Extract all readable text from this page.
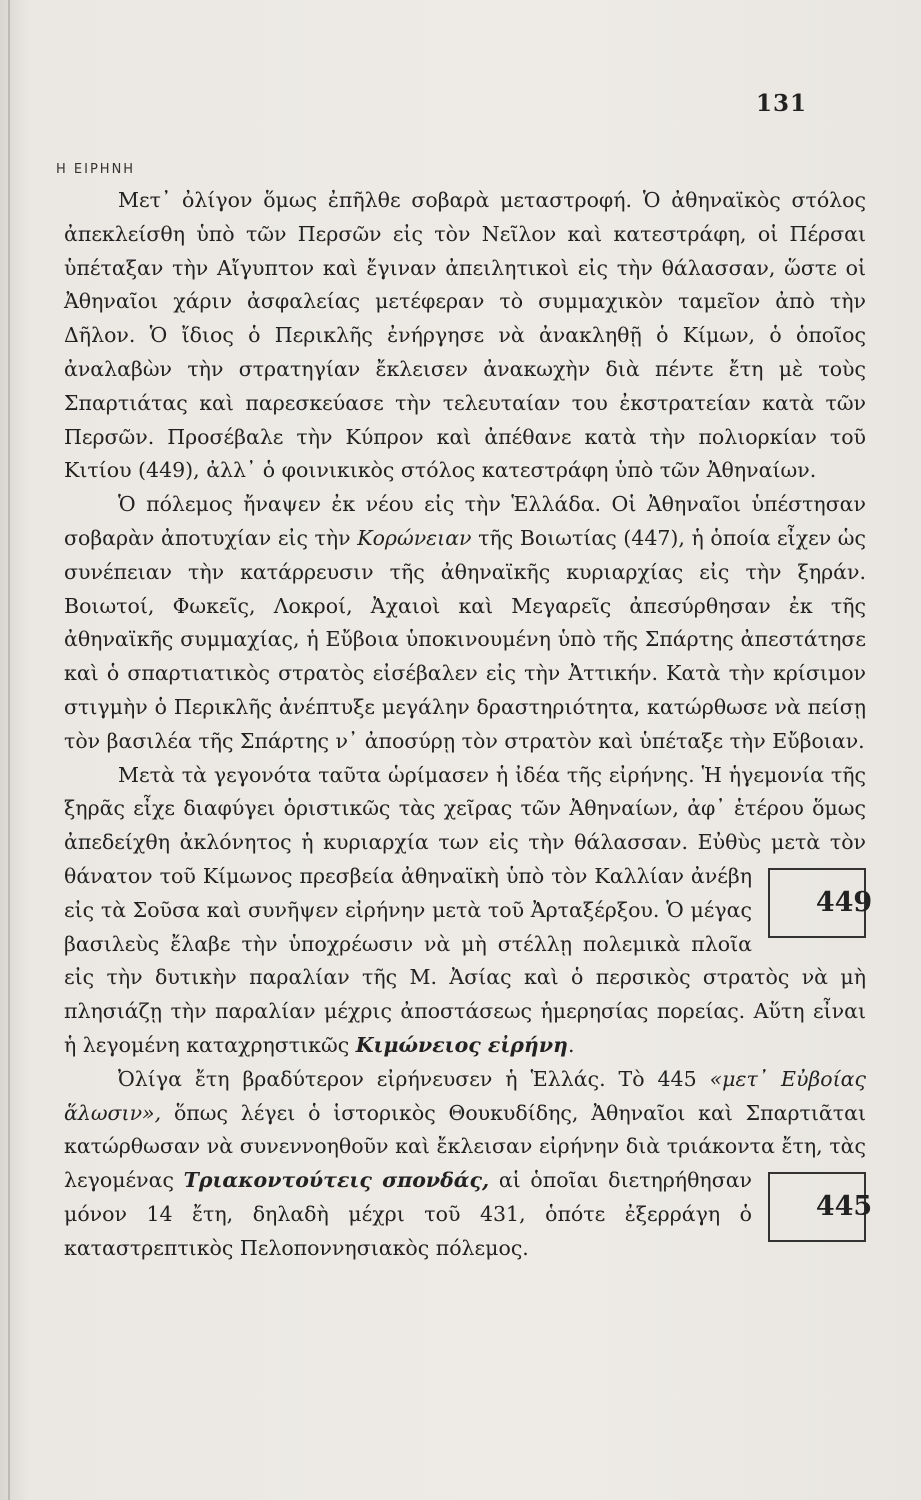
131
Η ΕΙΡΗΝΗ

Μετ᾽ ὀλίγον ὅμως ἐπῆλθε σοβαρὰ μεταστροφή. Ὁ ἀθηναϊκὸς στόλος ἀπεκλείσθη ὑπὸ τῶν Περσῶν εἰς τὸν Νεῖλον καὶ κατεστράφη, οἱ Πέρσαι ὑπέταξαν τὴν Αἴγυπτον καὶ ἔγιναν ἀπειλητικοὶ εἰς τὴν θάλασσαν, ὥστε οἱ Ἀθηναῖοι χάριν ἀσφαλείας μετέφεραν τὸ συμμαχικὸν ταμεῖον ἀπὸ τὴν Δῆλον. Ὁ ἴδιος ὁ Περικλῆς ἐνήργησε νὰ ἀνακληθῇ ὁ Κίμων, ὁ ὁποῖος ἀναλαβὼν τὴν στρατηγίαν ἔκλεισεν ἀνακωχὴν διὰ πέντε ἔτη μὲ τοὺς Σπαρτιάτας καὶ παρεσκεύασε τὴν τελευταίαν του ἐκστρατείαν κατὰ τῶν Περσῶν. Προσέβαλε τὴν Κύπρον καὶ ἀπέθανε κατὰ τὴν πολιορκίαν τοῦ Κιτίου (449), ἀλλ᾽ ὁ φοινικικὸς στόλος κατεστράφη ὑπὸ τῶν Ἀθηναίων.

Ὁ πόλεμος ἤναψεν ἐκ νέου εἰς τὴν Ἑλλάδα. Οἱ Ἀθηναῖοι ὑπέστησαν σοβαρὰν ἀποτυχίαν εἰς τὴν Κορώνειαν τῆς Βοιωτίας (447), ἡ ὁποία εἶχεν ὡς συνέπειαν τὴν κατάρρευσιν τῆς ἀθηναϊκῆς κυριαρχίας εἰς τὴν ξηράν. Βοιωτοί, Φωκεῖς, Λοκροί, Ἀχαιοὶ καὶ Μεγαρεῖς ἀπεσύρθησαν ἐκ τῆς ἀθηναϊκῆς συμμαχίας, ἡ Εὔβοια ὑποκινουμένη ὑπὸ τῆς Σπάρτης ἀπεστάτησε καὶ ὁ σπαρτιατικὸς στρατὸς εἰσέβαλεν εἰς τὴν Ἀττικήν. Κατὰ τὴν κρίσιμον στιγμὴν ὁ Περικλῆς ἀνέπτυξε μεγάλην δραστηριότητα, κατώρθωσε νὰ πείσῃ τὸν βασιλέα τῆς Σπάρτης ν᾽ ἀποσύρῃ τὸν στρατὸν καὶ ὑπέταξε τὴν Εὔβοιαν.

Μετὰ τὰ γεγονότα ταῦτα ὡρίμασεν ἡ ἰδέα τῆς εἰρήνης. Ἡ ἡγεμονία τῆς ξηρᾶς εἶχε διαφύγει ὁριστικῶς τὰς χεῖρας τῶν Ἀθηναίων, ἀφ᾽ ἑτέρου ὅμως ἀπεδείχθη ἀκλόνητος ἡ κυριαρχία των εἰς τὴν θάλασσαν. Εὐθὺς μετὰ τὸν θάνατον τοῦ Κίμωνος πρεσβεία ἀθηναϊκὴ ὑπὸ τὸν
449
Καλλίαν ἀνέβη εἰς τὰ Σοῦσα καὶ συνῆψεν εἰρήνην μετὰ τοῦ Ἀρταξέρξου. Ὁ μέγας βασιλεὺς ἔλαβε τὴν ὑποχρέωσιν νὰ μὴ στέλλῃ πολεμικὰ πλοῖα εἰς τὴν δυτικὴν παραλίαν τῆς Μ. Ἀσίας καὶ ὁ περσικὸς στρατὸς νὰ μὴ πλησιάζῃ τὴν παραλίαν μέχρις ἀποστάσεως ἡμερησίας πορείας. Αὕτη εἶναι ἡ λεγομένη καταχρηστικῶς Κιμώνειος εἰρήνη.

Ὀλίγα ἔτη βραδύτερον εἰρήνευσεν ἡ Ἑλλάς. Τὸ 445 «μετ᾽ Εὐβοίας ἅλωσιν», ὅπως λέγει ὁ ἱστορικὸς Θουκυδίδης, Ἀθηναῖοι καὶ Σπαρτιᾶται κατώρθωσαν νὰ συνεννοηθοῦν καὶ ἔκλεισαν εἰρήνην διὰ τριάκοντα ἔτη, τὰς λεγομένας
445
Τριακοντούτεις σπονδάς, αἱ ὁποῖαι διετηρήθησαν μόνον 14 ἔτη, δηλαδὴ μέχρι τοῦ 431, ὁπότε ἐξερράγη ὁ καταστρεπτικὸς Πελοποννησιακὸς πόλεμος.
